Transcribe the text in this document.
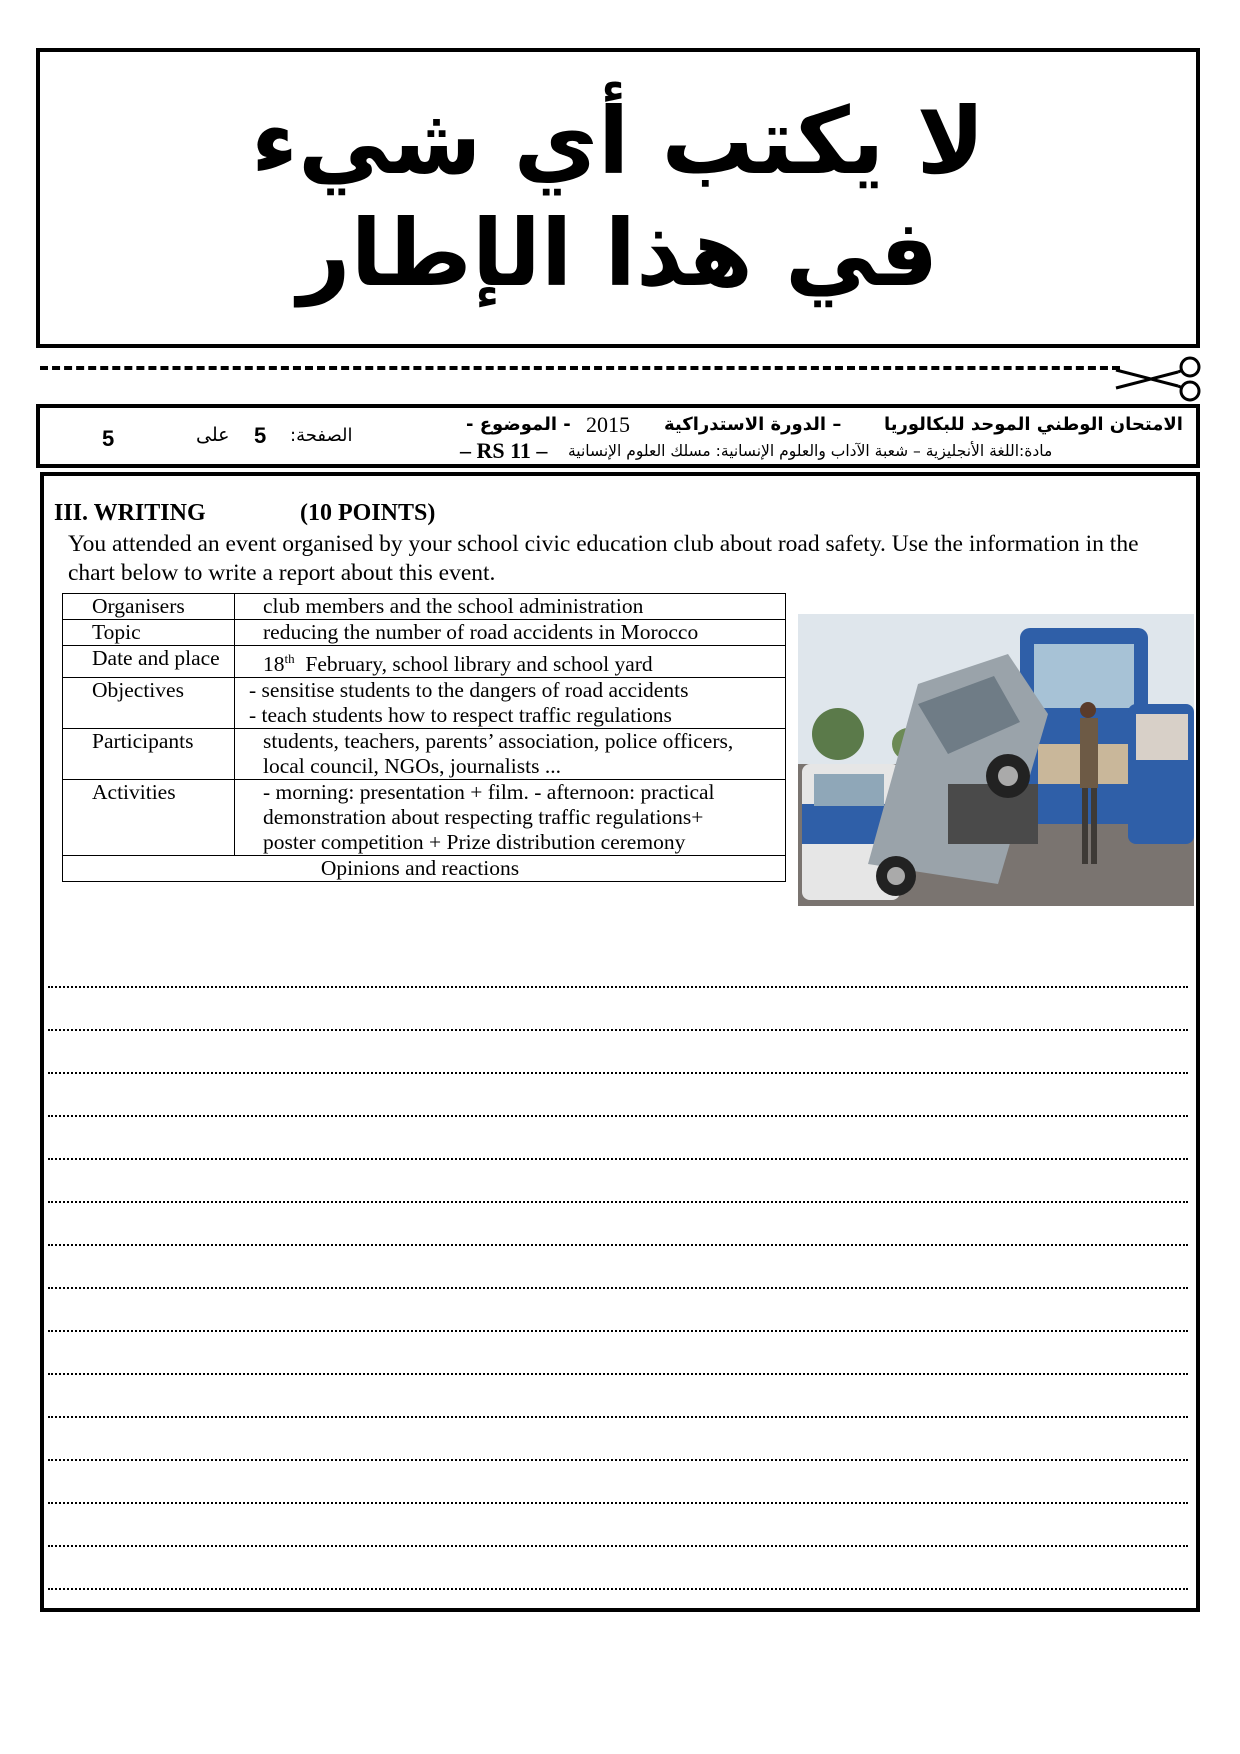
لا يكتب أي شيء
في هذا الإطار
5	على 5 الصفحة:
- الموضوع - 2015 – الدورة الاستدراكية الامتحان الوطني الموحد للبكالوريا
– RS 11 – مادة:اللغة الأنجليزية – شعبة الآداب والعلوم الإنسانية: مسلك العلوم الإنسانية
III. WRITING	(10 POINTS)
You attended an event organised by your school civic education club about road safety. Use the information in the chart below to write a report about this event.
Organisers	club members and the school administration

Topic	reducing the number of road accidents in Morocco

Date and place	18th  February, school library and school yard

Objectives	- sensitise students to the dangers of road accidents
- teach students how to respect traffic regulations

Participants	students, teachers, parents’ association, police officers,
local council, NGOs, journalists ...

Activities	- morning: presentation + film. - afternoon: practical
demonstration about respecting traffic regulations+
poster competition + Prize distribution ceremony

Opinions and reactions	
